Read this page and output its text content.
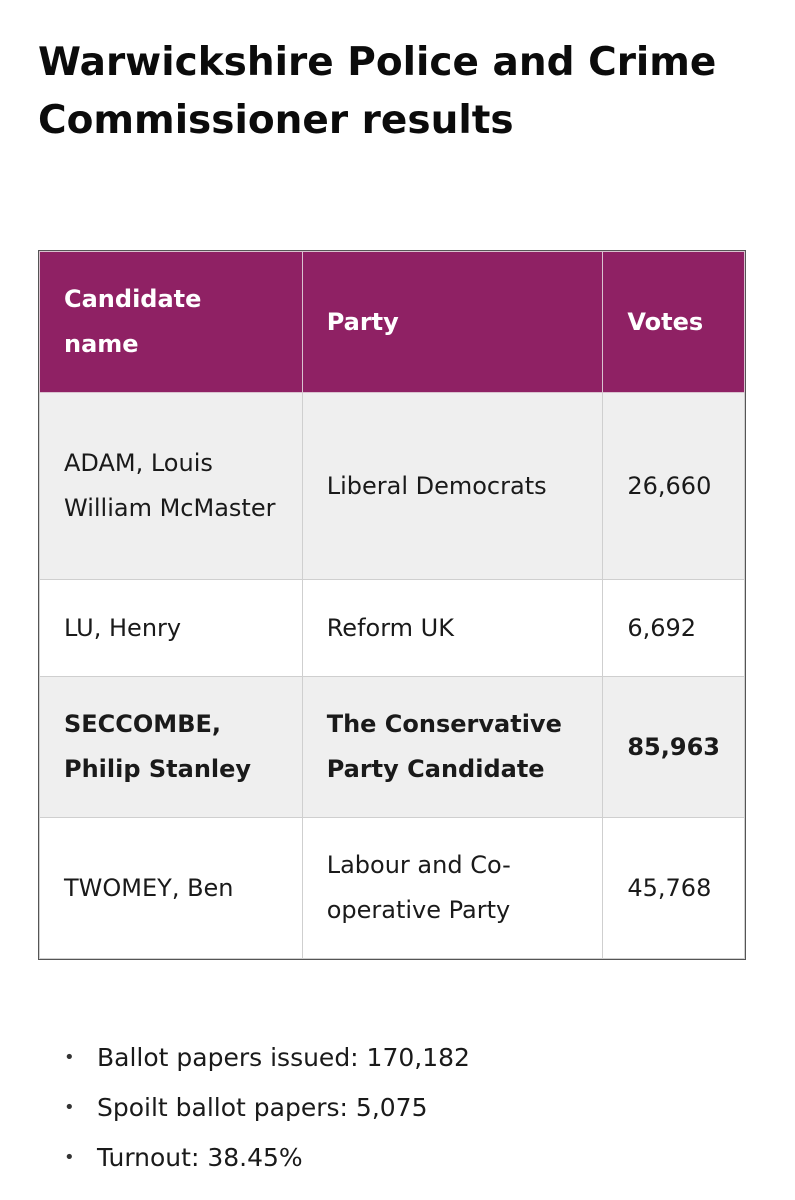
Warwickshire Police and Crime Commissioner results
Candidate name	Party	Votes
ADAM, Louis William McMaster	Liberal Democrats	26,660
LU, Henry	Reform UK	6,692
SECCOMBE, Philip Stanley	The Conservative Party Candidate	85,963
TWOMEY, Ben	Labour and Co-operative Party	45,768
• Ballot papers issued: 170,182
• Spoilt ballot papers: 5,075
• Turnout: 38.45%
